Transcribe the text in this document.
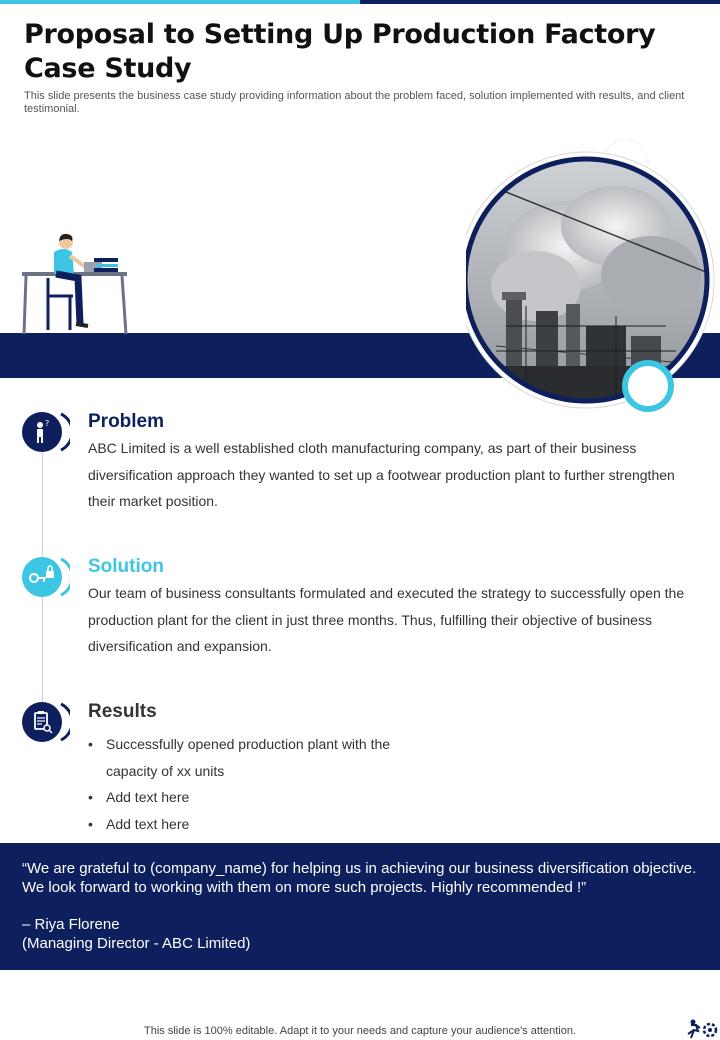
Proposal to Setting Up Production Factory Case Study

This slide presents the business case study providing information about the problem faced, solution implemented with results, and client testimonial.

? Problem

ABC Limited is a well established cloth manufacturing company, as part of their business diversification approach they wanted to set up a footwear production plant to further strengthen their market position.

Solution

Our team of business consultants formulated and executed the strategy to successfully open the production plant for the client in just three months. Thus, fulfilling their objective of business diversification and expansion.

Results
• Successfully opened production plant with the capacity of xx units
• Add text here
• Add text here

“We are grateful to (company_name) for helping us in achieving our business diversification objective. We look forward to working with them on more such projects. Highly recommended !”

– Riya Florene

(Managing Director - ABC Limited)

This slide is 100% editable. Adapt it to your needs and capture your audience's attention.
